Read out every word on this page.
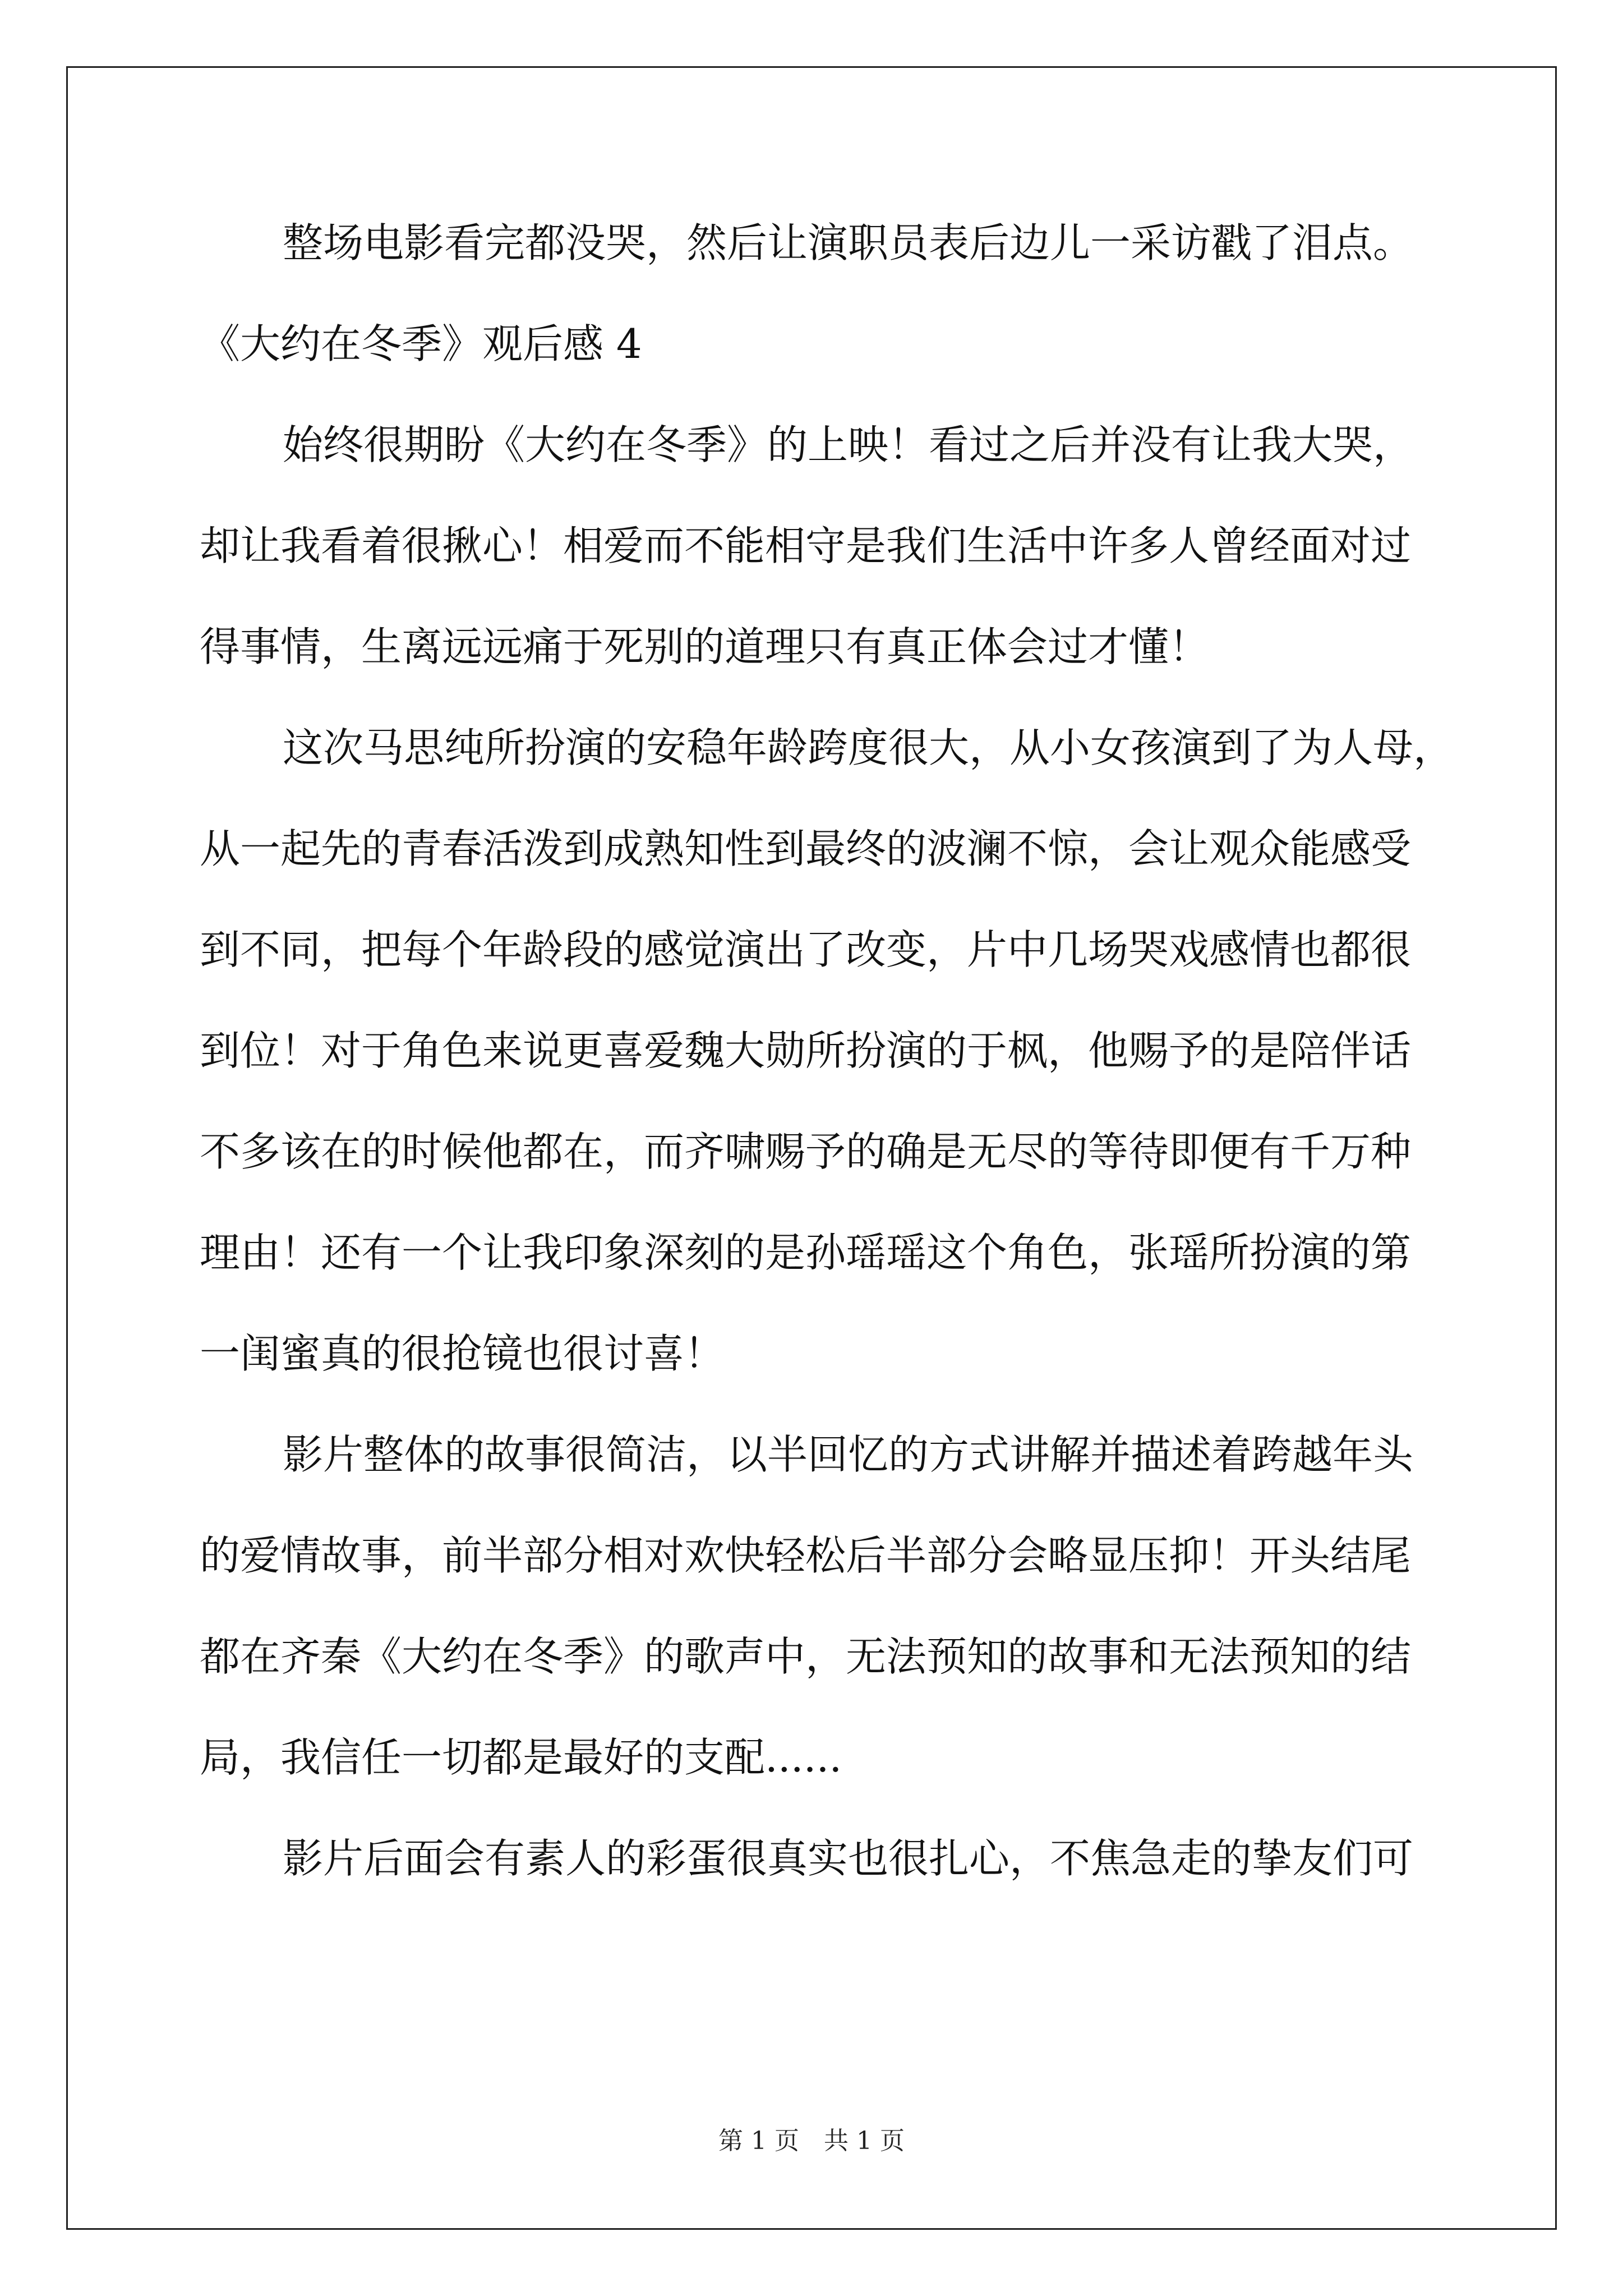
整场电影看完都没哭，然后让演职员表后边儿一采访戳了泪点。

《大约在冬季》观后感 4

始终很期盼《大约在冬季》的上映！看过之后并没有让我大哭，

却让我看着很揪心！相爱而不能相守是我们生活中许多人曾经面对过

得事情，生离远远痛于死别的道理只有真正体会过才懂！

这次马思纯所扮演的安稳年龄跨度很大，从小女孩演到了为人母，

从一起先的青春活泼到成熟知性到最终的波澜不惊，会让观众能感受

到不同，把每个年龄段的感觉演出了改变，片中几场哭戏感情也都很

到位！对于角色来说更喜爱魏大勋所扮演的于枫，他赐予的是陪伴话

不多该在的时候他都在，而齐啸赐予的确是无尽的等待即便有千万种

理由！还有一个让我印象深刻的是孙瑶瑶这个角色，张瑶所扮演的第

一闺蜜真的很抢镜也很讨喜！

影片整体的故事很简洁，以半回忆的方式讲解并描述着跨越年头

的爱情故事，前半部分相对欢快轻松后半部分会略显压抑！开头结尾

都在齐秦《大约在冬季》的歌声中，无法预知的故事和无法预知的结

局，我信任一切都是最好的支配......

影片后面会有素人的彩蛋很真实也很扎心，不焦急走的挚友们可

第 1 页　共 1 页
